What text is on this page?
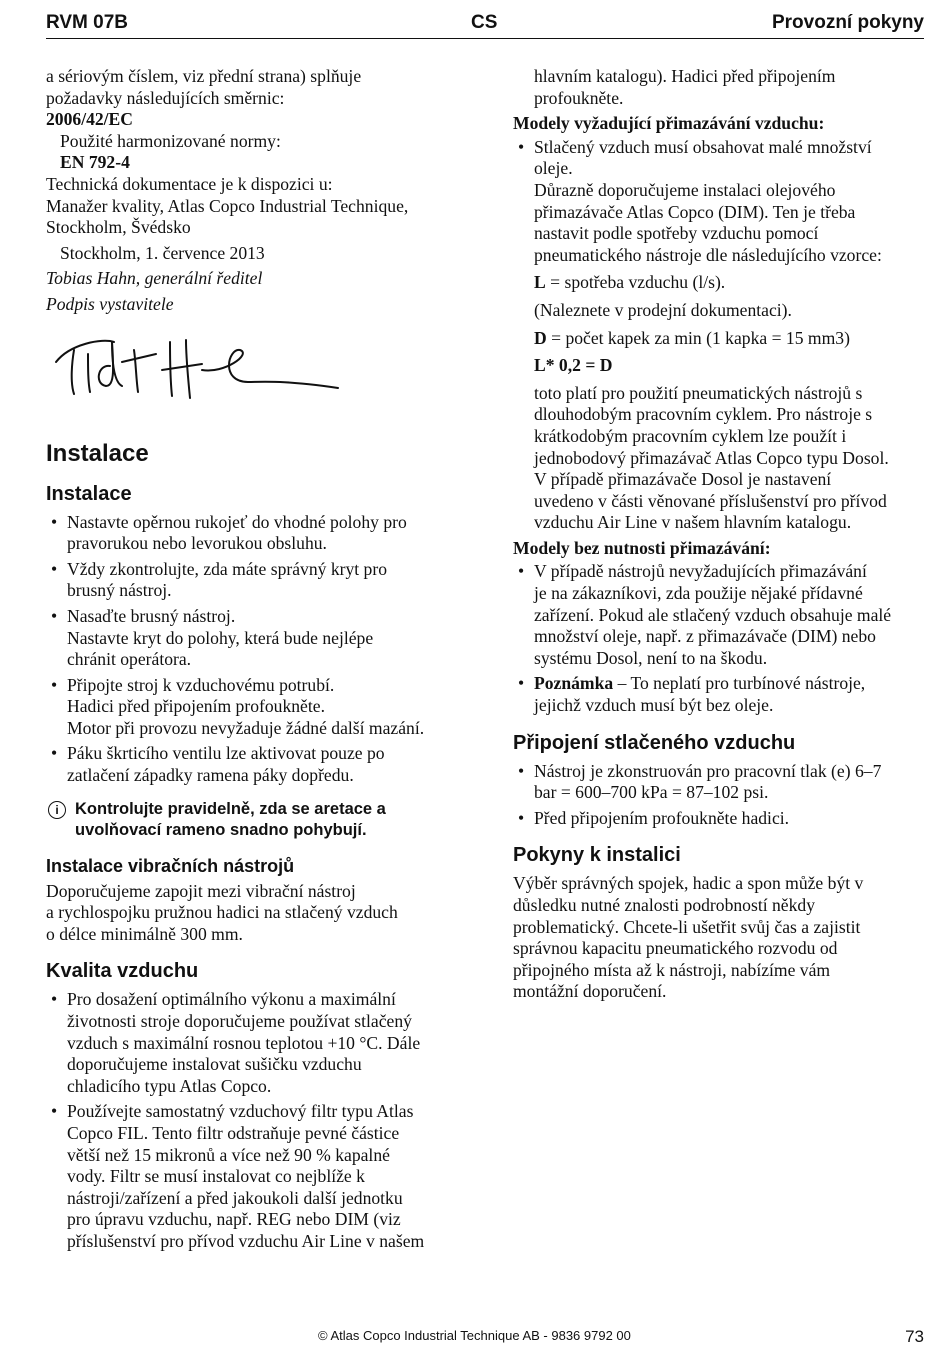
RVM 07B	CS	Provozní pokyny

a sériovým číslem, viz přední strana) splňuje

požadavky následujících směrnic:

2006/42/EC

Použité harmonizované normy:

EN 792-4

Technická dokumentace je k dispozici u:

Manažer kvality, Atlas Copco Industrial Technique,

Stockholm, Švédsko

Stockholm, 1. července 2013

Tobias Hahn, generální ředitel

Podpis vystavitele

Instalace
Instalace
• Nastavte opěrnou rukojeť do vhodné polohy pro
pravorukou nebo levorukou obsluhu.
• Vždy zkontrolujte, zda máte správný kryt pro
brusný nástroj.
• Nasaďte brusný nástroj.
Nastavte kryt do polohy, která bude nejlépe
chránit operátora.
• Připojte stroj k vzduchovému potrubí.
Hadici před připojením profoukněte.
Motor při provozu nevyžaduje žádné další mazání.
• Páku škrticího ventilu lze aktivovat pouze po
zatlačení západky ramena páky dopředu.
i Kontrolujte pravidelně, zda se aretace a
uvolňovací rameno snadno pohybují.
Instalace vibračních nástrojů

Doporučujeme zapojit mezi vibrační nástroj

a rychlospojku pružnou hadici na stlačený vzduch

o délce minimálně 300 mm.

Kvalita vzduchu
• Pro dosažení optimálního výkonu a maximální
životnosti stroje doporučujeme používat stlačený
vzduch s maximální rosnou teplotou +10 °C. Dále
doporučujeme instalovat sušičku vzduchu
chladicího typu Atlas Copco.
• Používejte samostatný vzduchový filtr typu Atlas
Copco FIL. Tento filtr odstraňuje pevné částice
větší než 15 mikronů a více než 90 % kapalné
vody. Filtr se musí instalovat co nejblíže k
nástroji/zařízení a před jakoukoli další jednotku
pro úpravu vzduchu, např. REG nebo DIM (viz
příslušenství pro přívod vzduchu Air Line v našem

hlavním katalogu). Hadici před připojením

profoukněte.

Modely vyžadující přimazávání vzduchu:
• Stlačený vzduch musí obsahovat malé množství
oleje.
Důrazně doporučujeme instalaci olejového
přimazávače Atlas Copco (DIM). Ten je třeba
nastavit podle spotřeby vzduchu pomocí
pneumatického nástroje dle následujícího vzorce:
L = spotřeba vzduchu (l/s).
(Naleznete v prodejní dokumentaci).
D = počet kapek za min (1 kapka = 15 mm3)
L* 0,2 = D
toto platí pro použití pneumatických nástrojů s
dlouhodobým pracovním cyklem. Pro nástroje s
krátkodobým pracovním cyklem lze použít i
jednobodový přimazávač Atlas Copco typu Dosol.
V případě přimazávače Dosol je nastavení
uvedeno v části věnované příslušenství pro přívod
vzduchu Air Line v našem hlavním katalogu.
Modely bez nutnosti přimazávání:
• V případě nástrojů nevyžadujících přimazávání
je na zákazníkovi, zda použije nějaké přídavné
zařízení. Pokud ale stlačený vzduch obsahuje malé
množství oleje, např. z přimazávače (DIM) nebo
systému Dosol, není to na škodu.
• Poznámka – To neplatí pro turbínové nástroje,
jejichž vzduch musí být bez oleje.
Připojení stlačeného vzduchu
• Nástroj je zkonstruován pro pracovní tlak (e) 6–7
bar = 600–700 kPa = 87–102 psi.
• Před připojením profoukněte hadici.
Pokyny k instalici

Výběr správných spojek, hadic a spon může být v

důsledku nutné znalosti podrobností někdy

problematický. Chcete-li ušetřit svůj čas a zajistit

správnou kapacitu pneumatického rozvodu od

připojného místa až k nástroji, nabízíme vám

montážní doporučení.

© Atlas Copco Industrial Technique AB - 9836 9792 00	73
